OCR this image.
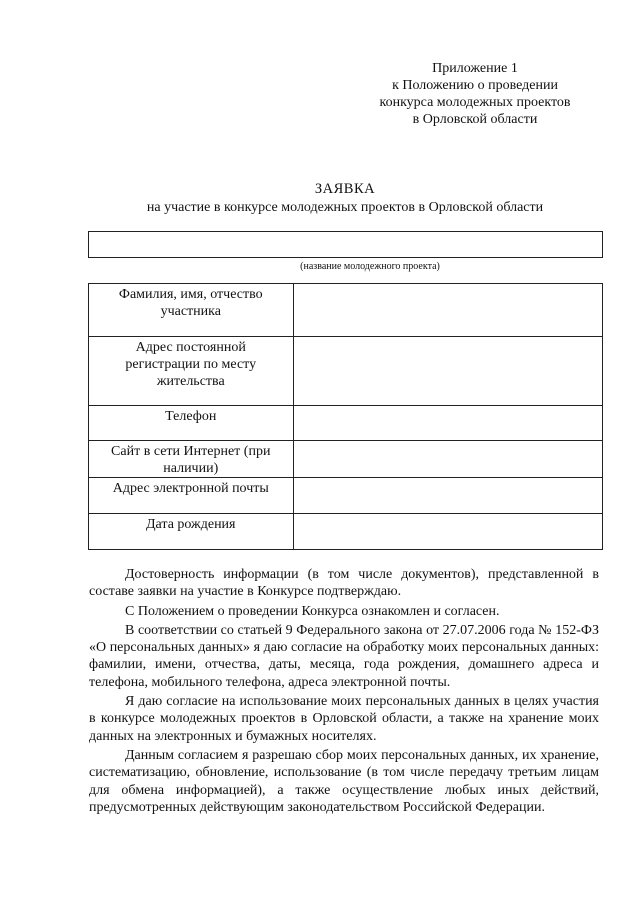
Приложение 1
к Положению о проведении
конкурса молодежных проектов
в Орловской области
ЗАЯВКА
на участие в конкурсе молодежных проектов в Орловской области
(название молодежного проекта)
Фамилия, имя, отчество участника	

Адрес постоянной регистрации по месту жительства	

Телефон	

Сайт в сети Интернет (при наличии)	

Адрес электронной почты	

Дата рождения	

Достоверность информации (в том числе документов), представленной в составе заявки на участие в Конкурсе подтверждаю.

С Положением о проведении Конкурса ознакомлен и согласен.

В соответствии со статьей 9 Федерального закона от 27.07.2006 года № 152-ФЗ «О персональных данных» я даю согласие на обработку моих персональных данных: фамилии, имени, отчества, даты, месяца, года рождения, домашнего адреса и телефона, мобильного телефона, адреса электронной почты.

Я даю согласие на использование моих персональных данных в целях участия в конкурсе молодежных проектов в Орловской области, а также на хранение моих данных на электронных и бумажных носителях.

Данным согласием я разрешаю сбор моих персональных данных, их хранение, систематизацию, обновление, использование (в том числе передачу третьим лицам для обмена информацией), а также осуществление любых иных действий, предусмотренных действующим законодательством Российской Федерации.
